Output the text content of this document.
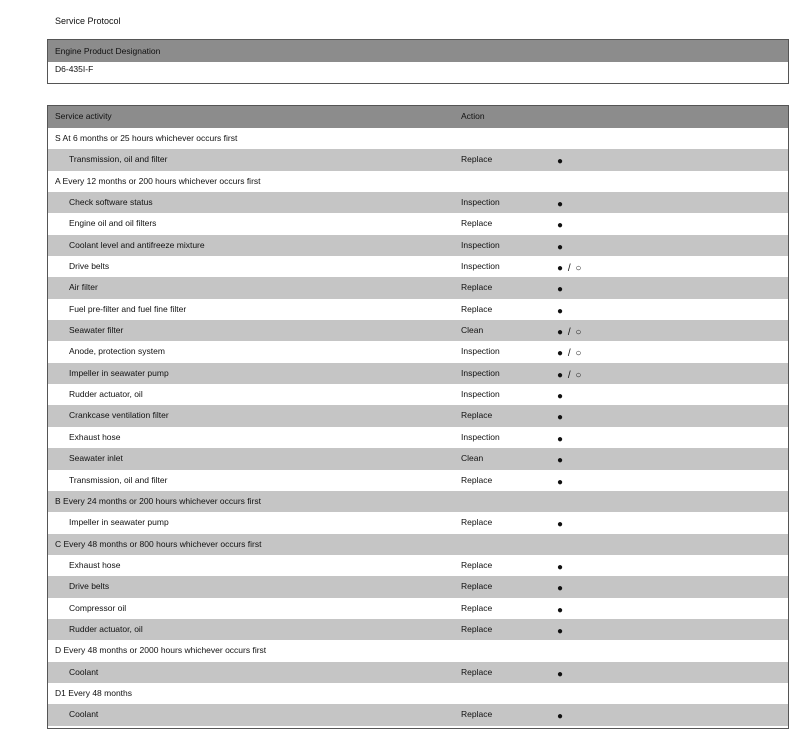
Service Protocol
Engine Product Designation
D6-435I-F
Service activity	Action
S At 6 months or 25 hours whichever occurs first
Transmission, oil and filter	Replace	●
A Every 12 months or 200 hours whichever occurs first
Check software status	Inspection	●
Engine oil and oil filters	Replace	●
Coolant level and antifreeze mixture	Inspection	●
Drive belts	Inspection	● / ○
Air filter	Replace	●
Fuel pre-filter and fuel fine filter	Replace	●
Seawater filter	Clean	● / ○
Anode, protection system	Inspection	● / ○
Impeller in seawater pump	Inspection	● / ○
Rudder actuator, oil	Inspection	●
Crankcase ventilation filter	Replace	●
Exhaust hose	Inspection	●
Seawater inlet	Clean	●
Transmission, oil and filter	Replace	●
B Every 24 months or 200 hours whichever occurs first
Impeller in seawater pump	Replace	●
C Every 48 months or 800 hours whichever occurs first
Exhaust hose	Replace	●
Drive belts	Replace	●
Compressor oil	Replace	●
Rudder actuator, oil	Replace	●
D Every 48 months or 2000 hours whichever occurs first
Coolant	Replace	●
D1 Every 48 months
Coolant	Replace	●
